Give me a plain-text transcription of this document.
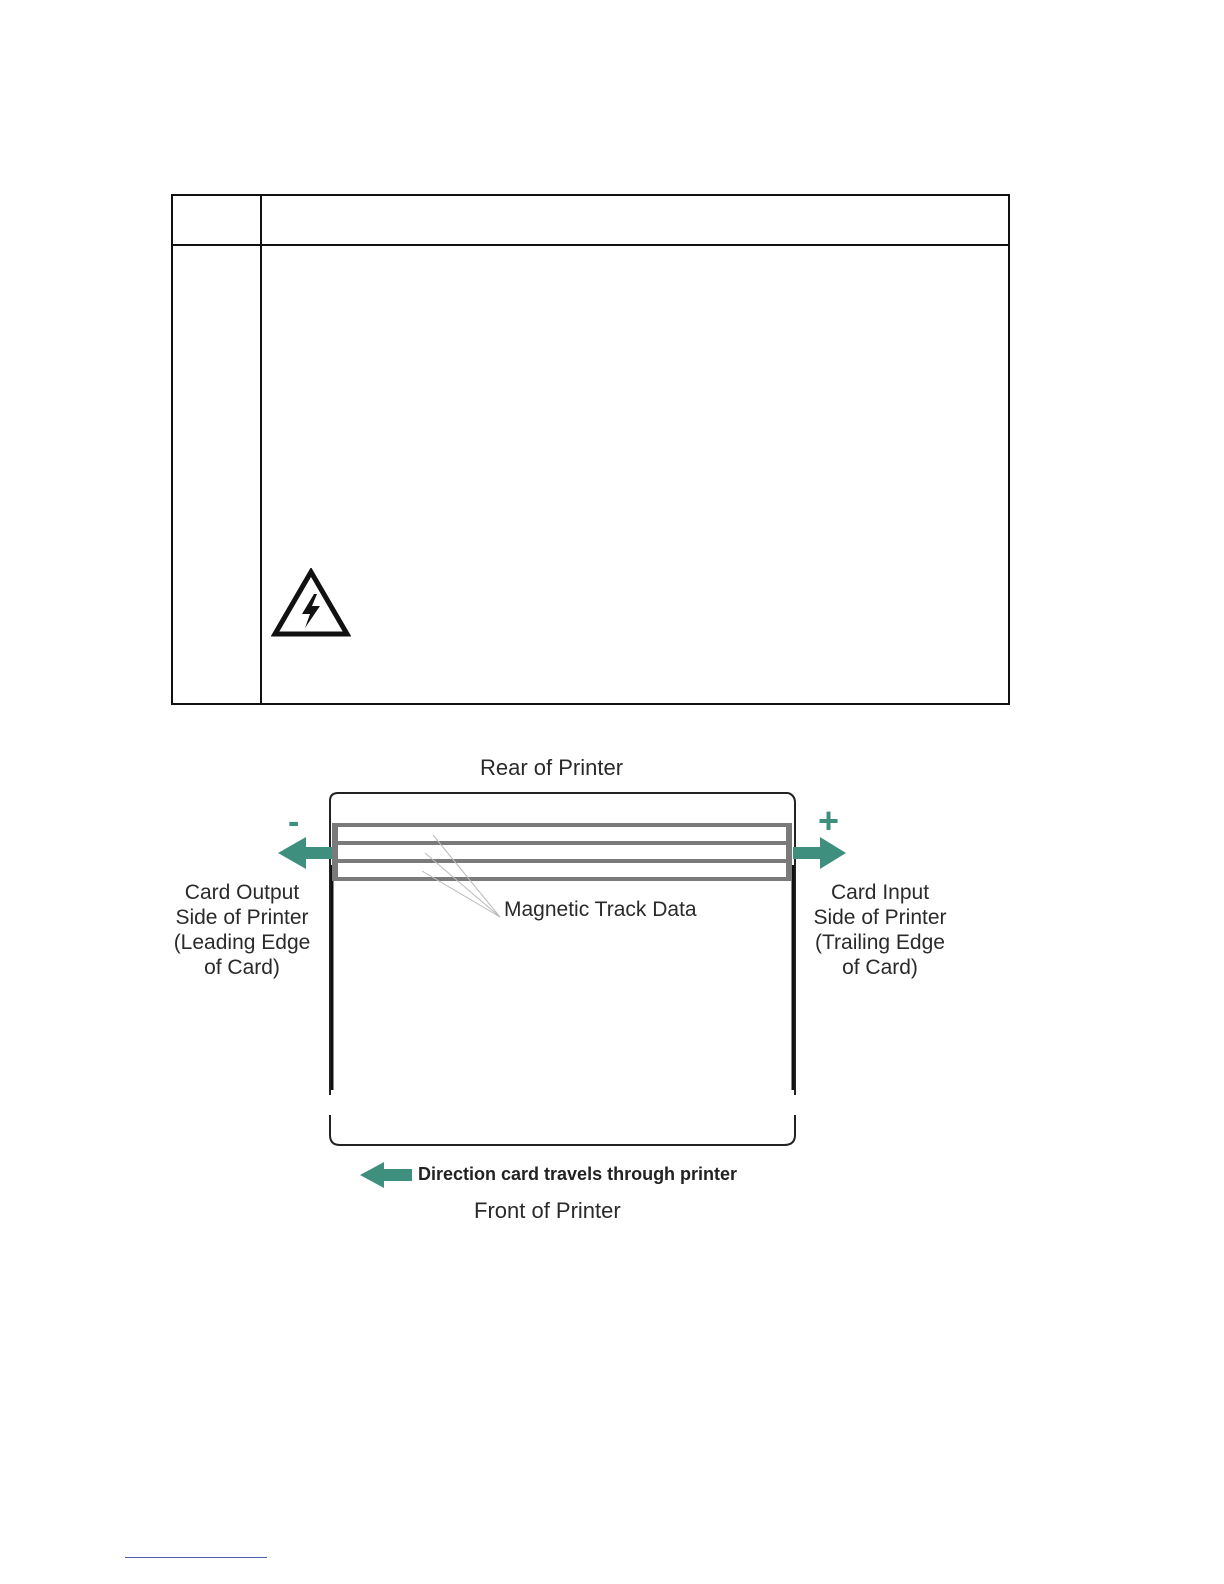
Rear of Printer
-	+
Magnetic Track Data
Card Output
Side of Printer
(Leading Edge
of Card)
Card Input
Side of Printer
(Trailing Edge
of Card)
Direction card travels through printer
Front of Printer
